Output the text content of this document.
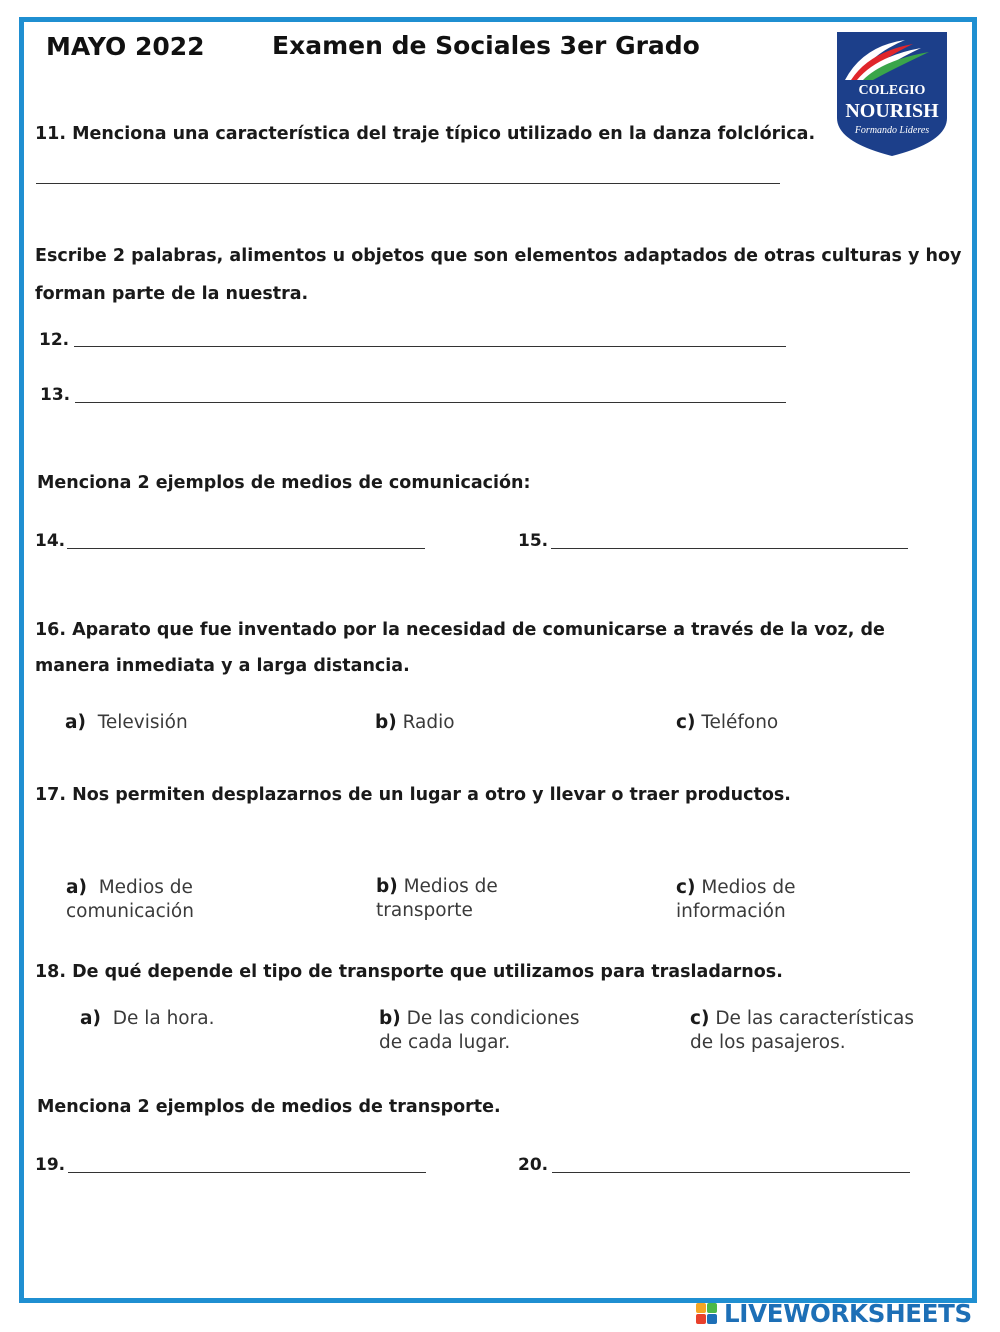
MAYO 2022	Examen de Sociales 3er Grado
COLEGIO
NOURISH
Formando Lideres
11. Menciona una característica del traje típico utilizado en la danza folclórica.
Escribe 2 palabras, alimentos u objetos que son elementos adaptados de otras culturas y hoy
forman parte de la nuestra.
12.
13.
Menciona 2 ejemplos de medios de comunicación:
14.	15.
16. Aparato que fue inventado por la necesidad de comunicarse a través de la voz, de
manera inmediata y a larga distancia.
a) Televisión	b) Radio	c) Teléfono
17. Nos permiten desplazarnos de un lugar a otro y llevar o traer productos.
a) Medios de
comunicación
b) Medios de
transporte
c) Medios de
información
18. De qué depende el tipo de transporte que utilizamos para trasladarnos.
a) De la hora.	b) De las condiciones
de cada lugar.
c) De las características
de los pasajeros.
Menciona 2 ejemplos de medios de transporte.
19.	20.
LIVEWORKSHEETS
